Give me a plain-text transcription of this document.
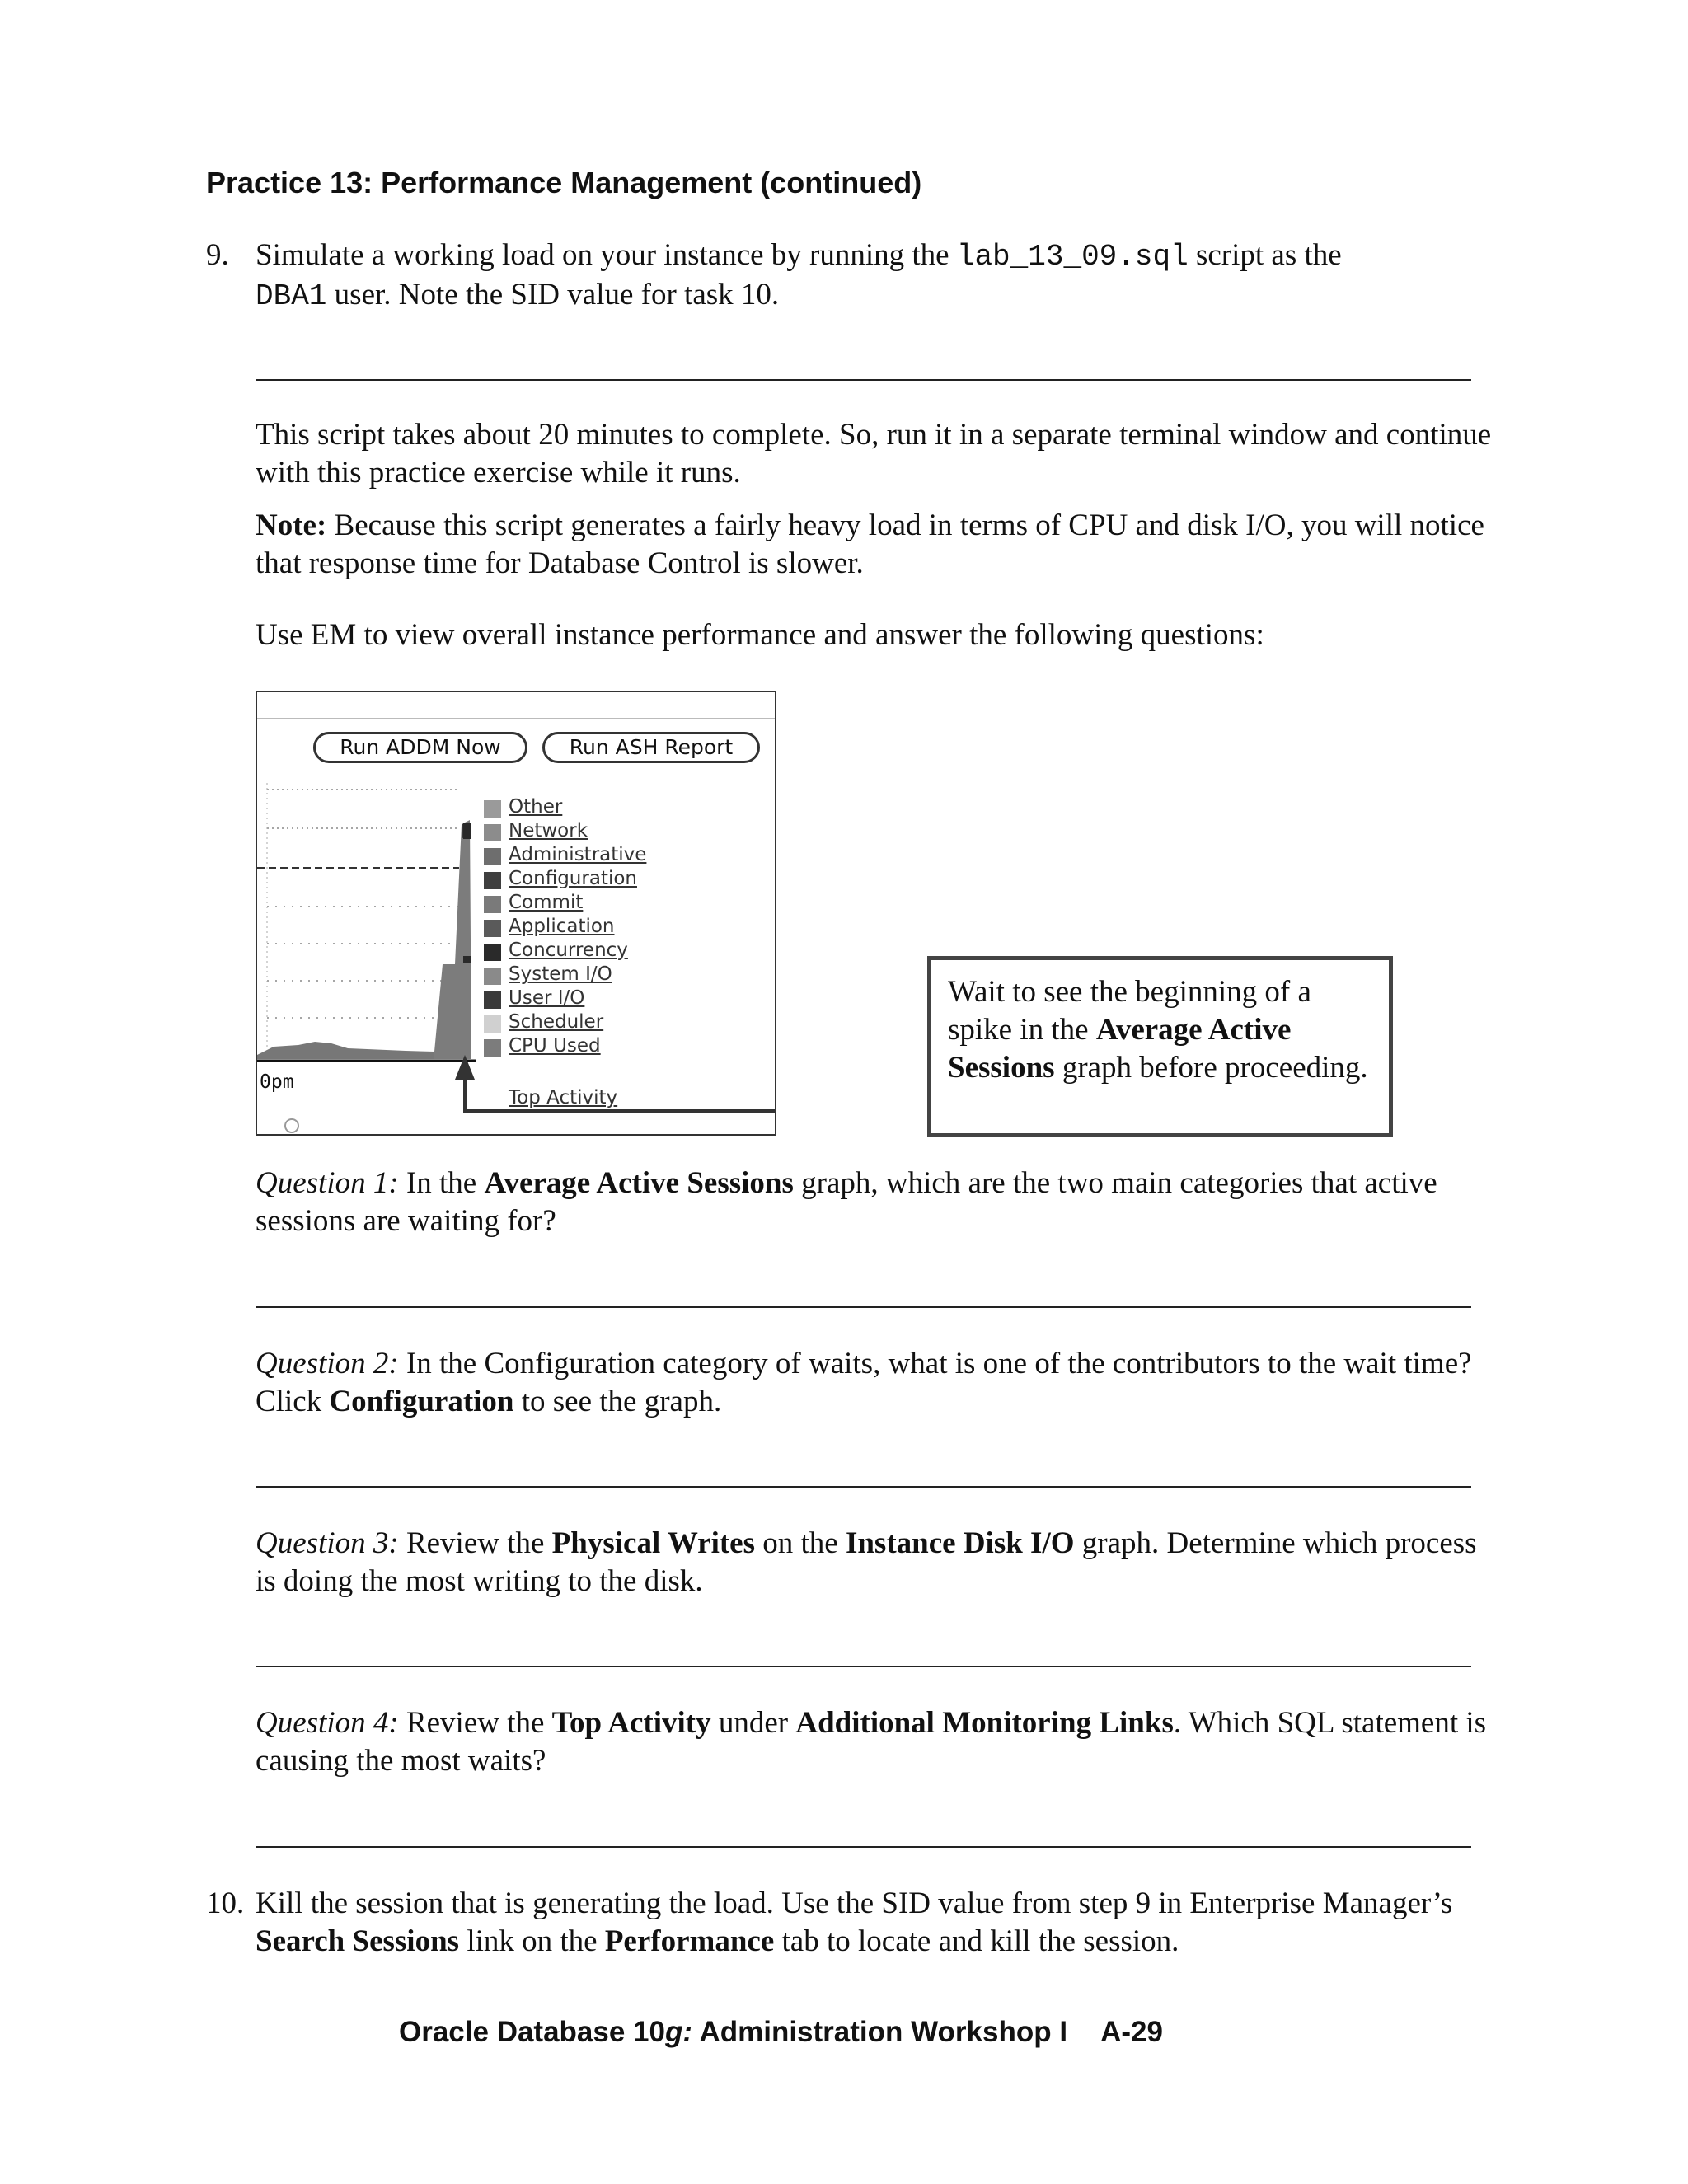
Practice 13: Performance Management (continued)
9. Simulate a working load on your instance by running the lab_13_09.sql script as the
DBA1 user. Note the SID value for task 10.

This script takes about 20 minutes to complete. So, run it in a separate terminal window and continue with this practice exercise while it runs.

Note: Because this script generates a fairly heavy load in terms of CPU and disk I/O, you will notice that response time for Database Control is slower.

Use EM to view overall instance performance and answer the following questions:

Run ADDM Now	Run ASH Report
0pm
Other
Network
Administrative
Configuration
Commit
Application
Concurrency
System I/O
User I/O
Scheduler
CPU Used
Top Activity
Wait to see the beginning of a spike in the Average Active Sessions graph before proceeding.

Question 1: In the Average Active Sessions graph, which are the two main categories that active sessions are waiting for?

Question 2: In the Configuration category of waits, what is one of the contributors to the wait time? Click Configuration to see the graph.

Question 3: Review the Physical Writes on the Instance Disk I/O graph. Determine which process is doing the most writing to the disk.

Question 4: Review the Top Activity under Additional Monitoring Links. Which SQL statement is causing the most waits?

10. Kill the session that is generating the load. Use the SID value from step 9 in Enterprise Manager’s Search Sessions link on the Performance tab to locate and kill the session.

Oracle Database 10g: Administration Workshop I A-29
